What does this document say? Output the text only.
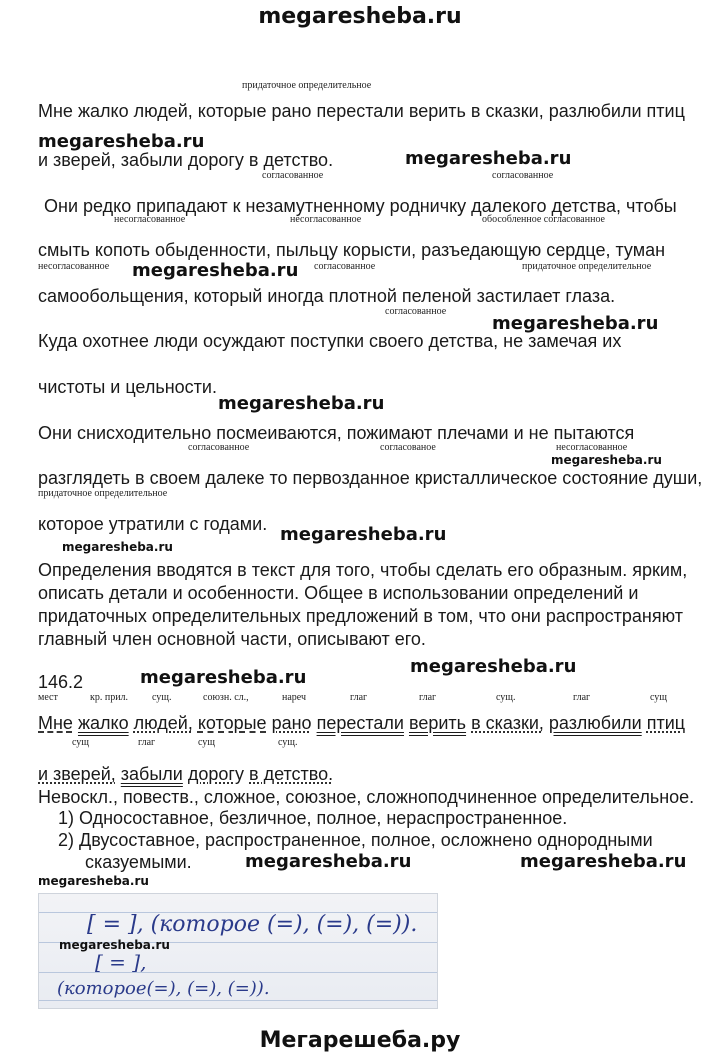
megaresheba.ru
придаточное определительное
Мне жалко людей, которые рано перестали верить в сказки, разлюбили птиц
megaresheba.ru
и зверей, забыли дорогу в детство.	megaresheba.ru
согласованное	согласованное
Они редко припадают к незамутненному родничку далекого детства, чтобы
несогласованное	несогласованное	обособленное согласованное
смыть копоть обыденности, пыльцу корысти, разъедающую сердце, туман
несогласованное megaresheba.ru согласованное	придаточное определительное
самообольщения, который иногда плотной пеленой застилает глаза.
согласованное
megaresheba.ru
Куда охотнее люди осуждают поступки своего детства, не замечая их
чистоты и цельности.
megaresheba.ru
Они снисходительно посмеиваются, пожимают плечами и не пытаются
согласованное	согласованое	несогласованное
megaresheba.ru
разглядеть в своем далеке то первозданное кристаллическое состояние души,
придаточное определительное
которое утратили с годами. megaresheba.ru
megaresheba.ru
Определения вводятся в текст для того, чтобы сделать его образным. ярким,
описать детали и особенности. Общее в использовании определений и
придаточных определительных предложений в том, что они распространяют
главный член основной части, описывают его.
146.2	megaresheba.ru
megaresheba.ru
мест	кр. прил. сущ.	союзн. сл.,	нареч	глаг	глаг	сущ.	глаг	сущ
Мне жалко людей, которые рано перестали верить в сказки, разлюбили птиц
сущ	глаг	сущ	сущ.
и зверей, забыли дорогу в детство.
Невоскл., повеств., сложное, союзное, сложноподчиненное определительное.
1) Односоставное, безличное, полное, нераспространенное.
2) Двусоставное, распространенное, полное, осложнено однородными
сказуемыми.	megaresheba.ru	megaresheba.ru
megaresheba.ru
[ = ], (которое (=), (=), (=)).
megaresheba.ru
[ = ],
(которое(=), (=), (=)).
Мегарешеба.ру
